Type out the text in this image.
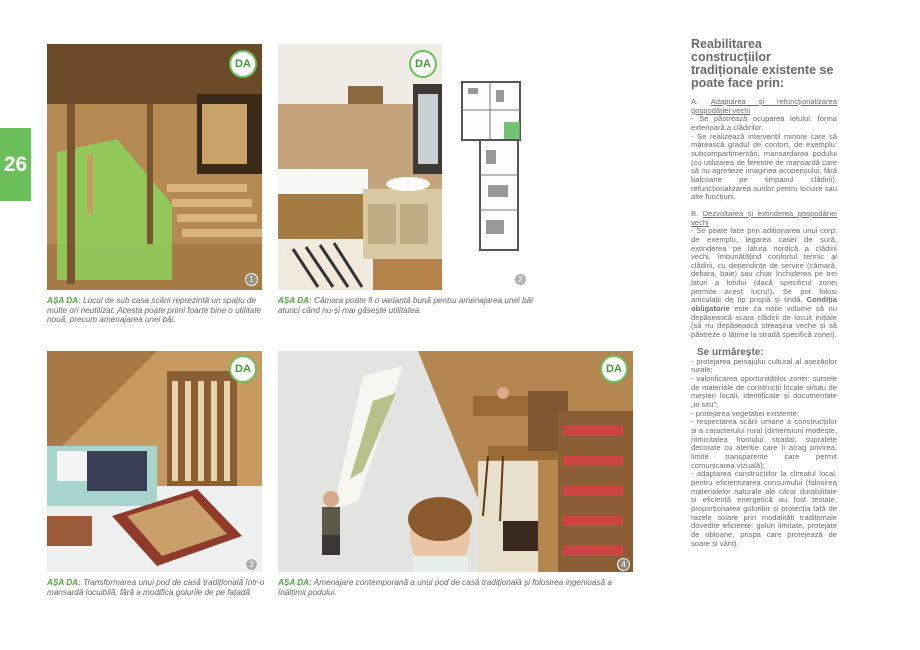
26
DA
1
AȘA DA: Locul de sub casa scării reprezintă un spațiu de multe ori neutilizat. Acesta poate primi foarte bine o utilitate nouă, precum amenajarea unei băi.
DA
AȘA DA: Cămara poate fi o variantă bună pentru amenajarea unei băi atunci când nu-și mai găsește utilitatea.
2
DA
3
AȘA DA: Transformarea unui pod de casă tradițională într-o mansardă locuibilă, fără a modifica golurile de pe fațadă
DA
4
AȘA DA: Amenajare contemporană a unui pod de casă tradițională și folosirea ingenioasă a înălțimii podului.
Reabilitarea construcțiilor tradiționale existente se poate face prin:

A. Adaptarea și refuncționalizarea gospodăriei vechi

- Se păstrează ocuparea lotului, forma exterioară a clădirilor.

- Se realizează intervenții minore care să mărească gradul de confort, de exemplu: subcompartimentări, mansardarea podului (cu utilizarea de ferestre de mansardă care să nu agreseze imaginea acoperișului, fără balcoane pe timpanul clădirii), refuncționalizarea șurilor pentru locuire sau alte funcțiuni.

B. Dezvoltarea și extinderea gospodăriei vechi

- Se poate face prin adiționarea unui corp: de exemplu, legarea casei de șură, extinderea pe latura nordică a clădirii vechi, îmbunătățind confortul termic al clădirii, cu dependințe de servire (cămară, debara, baie) sau chiar închiderea pe trei laturi a lotului (dacă specificul zonei permite acest lucru!). Se pot folosi articulații de tip prispă și tindă. Condiția obligatorie este ca noile volume să nu depășească scara clădirii de locuit inițiale (să nu depășească streașina veche și să păstreze o lățime la stradă specifică zonei).

Se urmărește:

- protejarea peisajului cultural al așezărilor rurale;

- valorificarea oportunităților zonei: sursele de materiale de construcții locale și/sau de meșteri locali, identificate și documentate „in situ”;

- protejarea vegetației existente;

- respectarea scării umane a construcțiilor și a caracterului rural (dimensiuni modeste, ritmicitatea frontului stradal, suprafețe decorate cu atenție care îi atrag privirea, limite transparente care permit comunicarea vizuală);

- adaptarea construcțiilor la climatul local, pentru eficientizarea consumului (folosirea materialelor naturale ale căror durabilitate și eficiență energetică au fost testate, proporționarea golurilor și protecția față de razele solare prin modalități tradiționale dovedite eficiente: goluri limitate, protejate de obloane, prispa care protejează de soare și vânt).
